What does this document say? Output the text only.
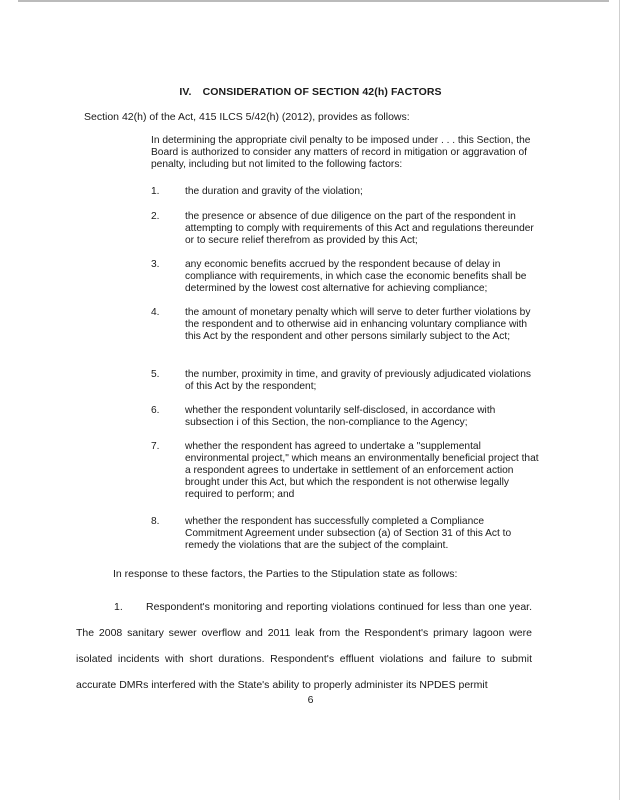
IV. CONSIDERATION OF SECTION 42(h) FACTORS
Section 42(h) of the Act, 415 ILCS 5/42(h) (2012), provides as follows:
In determining the appropriate civil penalty to be imposed under . . . this Section, the Board is authorized to consider any matters of record in mitigation or aggravation of penalty, including but not limited to the following factors:
1.	the duration and gravity of the violation;
2.	the presence or absence of due diligence on the part of the respondent in attempting to comply with requirements of this Act and regulations thereunder or to secure relief therefrom as provided by this Act;
3.	any economic benefits accrued by the respondent because of delay in compliance with requirements, in which case the economic benefits shall be determined by the lowest cost alternative for achieving compliance;
4.	the amount of monetary penalty which will serve to deter further violations by the respondent and to otherwise aid in enhancing voluntary compliance with this Act by the respondent and other persons similarly subject to the Act;
5.	the number, proximity in time, and gravity of previously adjudicated violations of this Act by the respondent;
6.	whether the respondent voluntarily self-disclosed, in accordance with subsection i of this Section, the non-compliance to the Agency;
7.	whether the respondent has agreed to undertake a "supplemental environmental project," which means an environmentally beneficial project that a respondent agrees to undertake in settlement of an enforcement action brought under this Act, but which the respondent is not otherwise legally required to perform; and
8.	whether the respondent has successfully completed a Compliance Commitment Agreement under subsection (a) of Section 31 of this Act to remedy the violations that are the subject of the complaint.
In response to these factors, the Parties to the Stipulation state as follows:
1. Respondent's monitoring and reporting violations continued for less than one year. The 2008 sanitary sewer overflow and 2011 leak from the Respondent's primary lagoon were isolated incidents with short durations. Respondent's effluent violations and failure to submit accurate DMRs interfered with the State's ability to properly administer its NPDES permit
6
